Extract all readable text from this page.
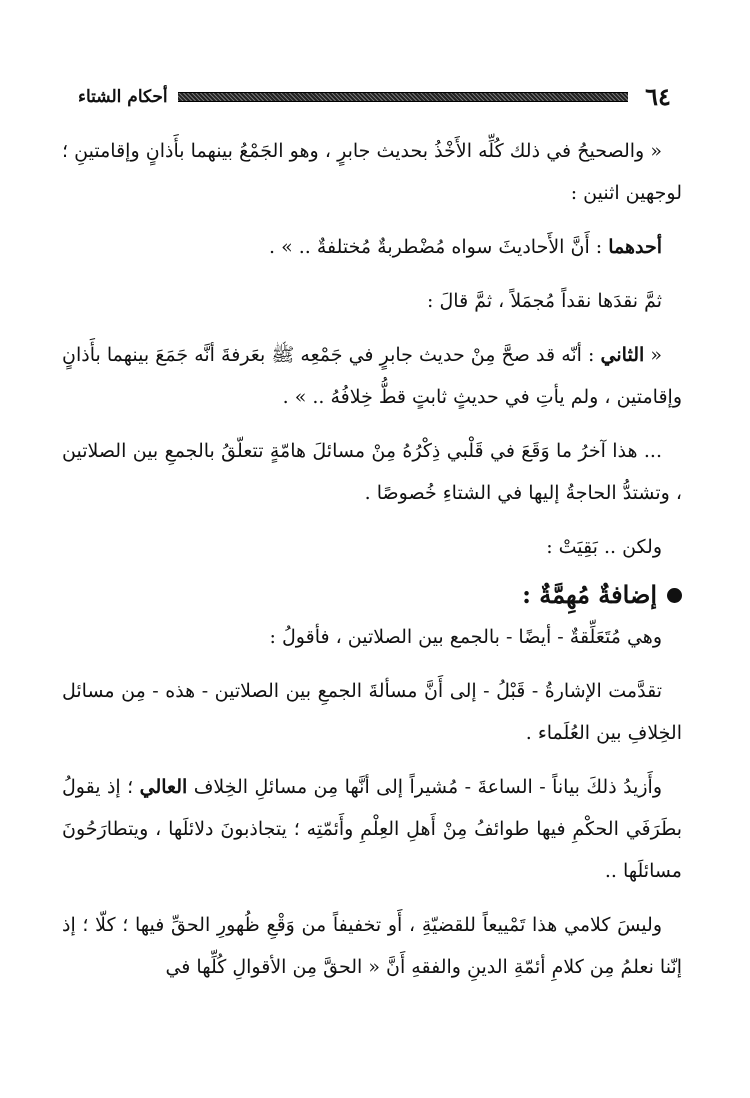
٦٤
أحكام الشتاء

« والصحيحُ في ذلك كُلِّه الأَخْذُ بحديث جابرٍ ، وهو الجَمْعُ بينهما بأَذانٍ وإقامتينِ ؛ لوجهين اثنين :

أحدهما : أَنَّ الأَحاديثَ سواه مُضْطربةٌ مُختلفةٌ .. » .

ثمَّ نقدَها نقداً مُجمَلاً ، ثمَّ قالَ :

« الثاني : أنّه قد صحَّ مِنْ حديث جابرٍ في جَمْعِه ﷺ بعَرفةَ أنَّه جَمَعَ بينهما بأَذانٍ وإقامتين ، ولم يأتِ في حديثٍ ثابتٍ قطُّ خِلافُهُ .. » .

... هذا آخرُ ما وَقَعَ في قَلْبي ذِكْرُهُ مِنْ مسائلَ هامّةٍ تتعلّقُ بالجمعِ بين الصلاتين ، وتشتدُّ الحاجةُ إليها في الشتاءِ خُصوصًا .

ولكن .. بَقِيَتْ :

إضافةٌ مُهِمَّةٌ :

وهي مُتَعَلِّقةٌ - أيضًا - بالجمع بين الصلاتين ، فأقولُ :

تقدَّمت الإشارةُ - قَبْلُ - إلى أَنَّ مسألةَ الجمعِ بين الصلاتين - هذه - مِن مسائل الخِلافِ بين العُلَماء .

وأَزيدُ ذلكَ بياناً - الساعةَ - مُشيراً إلى أنَّها مِن مسائلِ الخِلاف العالي ؛ إذ يقولُ بطَرَفَي الحكْمِ فيها طوائفُ مِنْ أَهلِ العِلْمِ وأَئمّتِه ؛ يتجاذبونَ دلائلَها ، ويتطارَحُونَ مسائلَها ..

وليسَ كلامي هذا تَمْييعاً للقضيّةِ ، أَو تخفيفاً من وَقْعِ ظُهورِ الحقِّ فيها ؛ كلّا ؛ إذ إنّنا نعلمُ مِن كلامِ أئمّةِ الدينِ والفقهِ أَنَّ « الحقَّ مِن الأقوالِ كُلِّها في
